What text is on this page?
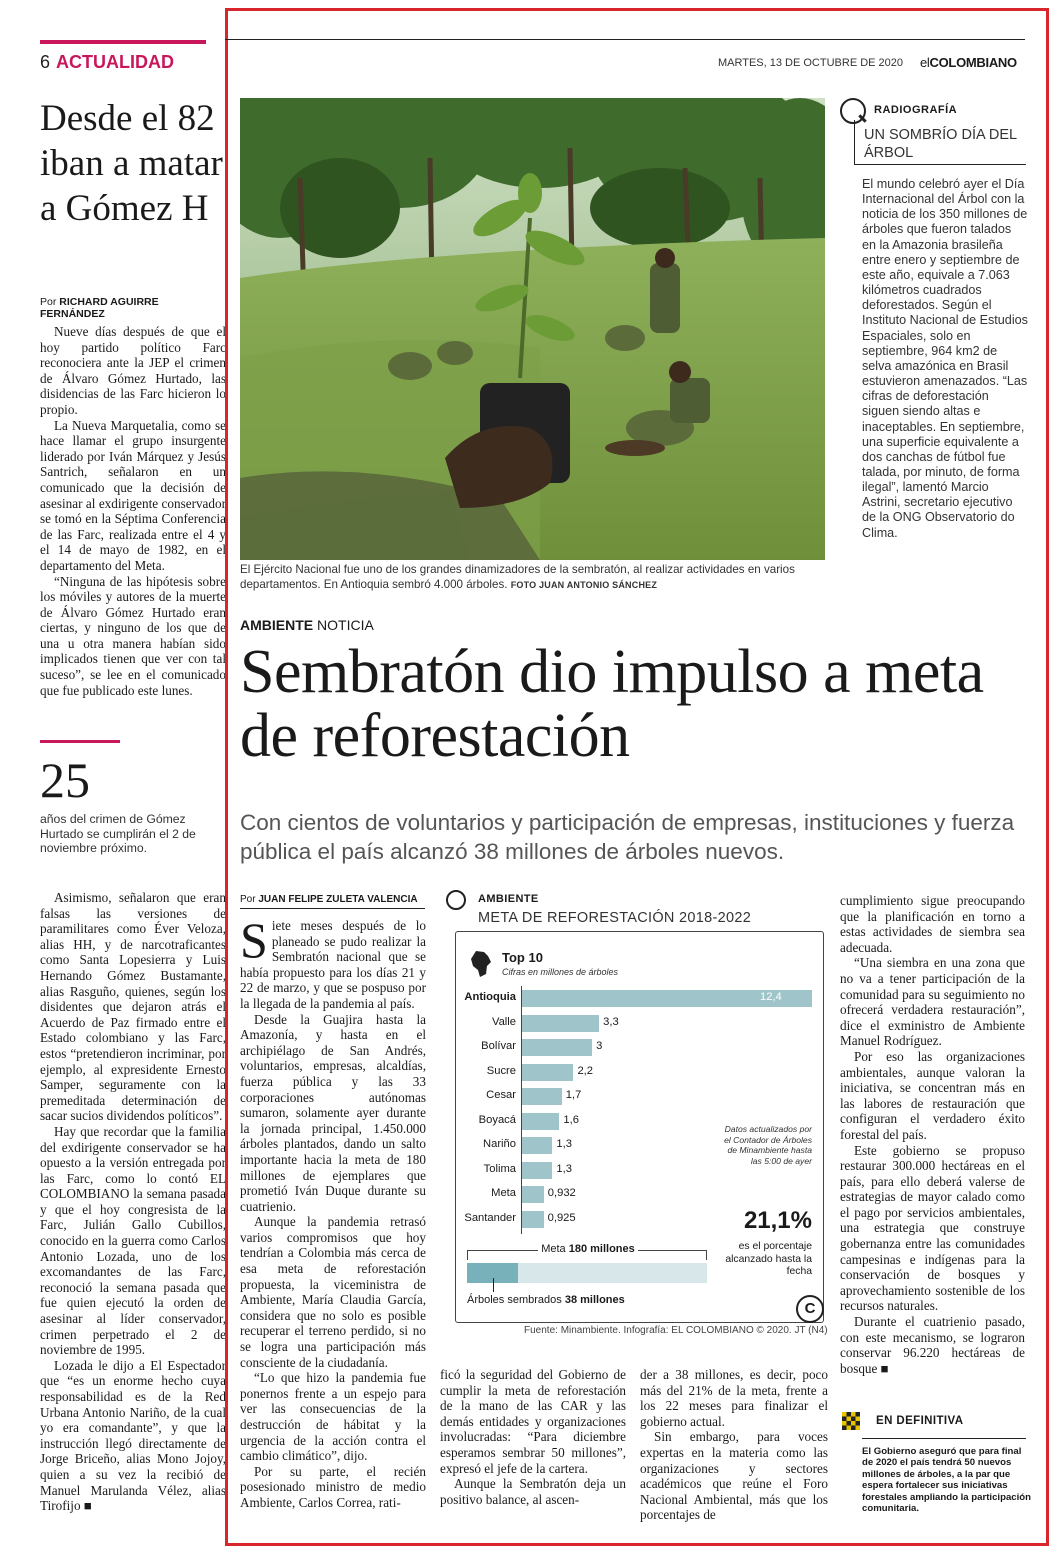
6 ACTUALIDAD
Desde el 82 iban a matar a Gómez H
Por RICHARD AGUIRRE FERNÁNDEZ

Nueve días después de que el hoy partido político Farc reconociera ante la JEP el crimen de Álvaro Gómez Hurtado, las disidencias de las Farc hicieron lo propio.

La Nueva Marquetalia, como se hace llamar el grupo insurgente liderado por Iván Márquez y Jesús Santrich, señalaron en un comunicado que la decisión de asesinar al exdirigente conservador se tomó en la Séptima Conferencia de las Farc, realizada entre el 4 y el 14 de mayo de 1982, en el departamento del Meta.

“Ninguna de las hipótesis sobre los móviles y autores de la muerte de Álvaro Gómez Hurtado eran ciertas, y ninguno de los que de una u otra manera habían sido implicados tienen que ver con tal suceso”, se lee en el comunicado que fue publicado este lunes.

25
años del crimen de Gómez Hurtado se cumplirán el 2 de noviembre próximo.

Asimismo, señalaron que eran falsas las versiones de paramilitares como Éver Veloza, alias HH, y de narcotraficantes como Santa Lopesierra y Luis Hernando Gómez Bustamante, alias Rasguño, quienes, según los disidentes que dejaron atrás el Acuerdo de Paz firmado entre el Estado colombiano y las Farc, estos “pretendieron incriminar, por ejemplo, al expresidente Ernesto Samper, seguramente con la premeditada determinación de sacar sucios dividendos políticos”.

Hay que recordar que la familia del exdirigente conservador se ha opuesto a la versión entregada por las Farc, como lo contó EL COLOMBIANO la semana pasada y que el hoy congresista de la Farc, Julián Gallo Cubillos, conocido en la guerra como Carlos Antonio Lozada, uno de los excomandantes de las Farc, reconoció la semana pasada que fue quien ejecutó la orden de asesinar al líder conservador, crimen perpetrado el 2 de noviembre de 1995.

Lozada le dijo a El Espectador que “es un enorme hecho cuya responsabilidad es de la Red Urbana Antonio Nariño, de la cual yo era comandante”, y que la instrucción llegó directamente de Jorge Briceño, alias Mono Jojoy, quien a su vez la recibió de Manuel Marulanda Vélez, alias Tirofijo ■

MARTES, 13 DE OCTUBRE DE 2020 elCOLOMBIANO
El Ejército Nacional fue uno de los grandes dinamizadores de la sembratón, al realizar actividades en varios departamentos. En Antioquia sembró 4.000 árboles. FOTO JUAN ANTONIO SÁNCHEZ
RADIOGRAFÍA
UN SOMBRÍO DÍA DEL ÁRBOL
El mundo celebró ayer el Día Internacional del Árbol con la noticia de los 350 millones de árboles que fueron talados en la Amazonia brasileña entre enero y septiembre de este año, equivale a 7.063 kilómetros cuadrados deforestados. Según el Instituto Nacional de Estudios Espaciales, solo en septiembre, 964 km2 de selva amazónica en Brasil estuvieron amenazados. “Las cifras de deforestación siguen siendo altas e inaceptables. En septiembre, una superficie equivalente a dos canchas de fútbol fue talada, por minuto, de forma ilegal”, lamentó Marcio Astrini, secretario ejecutivo de la ONG Observatorio do Clima.
AMBIENTE NOTICIA
Sembratón dio impulso a meta de reforestación
Con cientos de voluntarios y participación de empresas, instituciones y fuerza pública el país alcanzó 38 millones de árboles nuevos.
Por JUAN FELIPE ZULETA VALENCIA

Siete meses después de lo planeado se pudo realizar la Sembratón nacional que se había propuesto para los días 21 y 22 de marzo, y que se pospuso por la llegada de la pandemia al país.

Desde la Guajira hasta la Amazonía, y hasta en el archipiélago de San Andrés, voluntarios, empresas, alcaldías, fuerza pública y las 33 corporaciones autónomas sumaron, solamente ayer durante la jornada principal, 1.450.000 árboles plantados, dando un salto importante hacia la meta de 180 millones de ejemplares que prometió Iván Duque durante su cuatrienio.

Aunque la pandemia retrasó varios compromisos que hoy tendrían a Colombia más cerca de esa meta de reforestación propuesta, la viceministra de Ambiente, María Claudia García, considera que no solo es posible recuperar el terreno perdido, si no se logra una participación más consciente de la ciudadanía.

“Lo que hizo la pandemia fue ponernos frente a un espejo para ver las consecuencias de la destrucción de hábitat y la urgencia de la acción contra el cambio climático”, dijo.

Por su parte, el recién posesionado ministro de medio Ambiente, Carlos Correa, rati-

AMBIENTE
META DE REFORESTACIÓN 2018-2022
Top 10
Cifras en millones de árboles
Antioquia	12,4
Valle	3,3
Bolívar	3
Sucre	2,2
Cesar	1,7
Boyacá	1,6
Nariño	1,3
Tolima	1,3
Meta	0,932
Santander	0,925
Datos actualizados por el Contador de Árboles de Minambiente hasta las 5:00 de ayer
21,1%
es el porcentaje alcanzado hasta la fecha
Meta 180 millones
Árboles sembrados 38 millones	C
Fuente: Minambiente. Infografía: EL COLOMBIANO © 2020. JT (N4)

ficó la seguridad del Gobierno de cumplir la meta de reforestación de la mano de las CAR y las demás entidades y organizaciones involucradas: “Para diciembre esperamos sembrar 50 millones”, expresó el jefe de la cartera.

Aunque la Sembratón deja un positivo balance, al ascen-

der a 38 millones, es decir, poco más del 21% de la meta, frente a los 22 meses para finalizar el gobierno actual.

Sin embargo, para voces expertas en la materia como las organizaciones y sectores académicos que reúne el Foro Nacional Ambiental, más que los porcentajes de

cumplimiento sigue preocupando que la planificación en torno a estas actividades de siembra sea adecuada.

“Una siembra en una zona que no va a tener participación de la comunidad para su seguimiento no ofrecerá verdadera restauración”, dice el exministro de Ambiente Manuel Rodríguez.

Por eso las organizaciones ambientales, aunque valoran la iniciativa, se concentran más en las labores de restauración que configuran el verdadero éxito forestal del país.

Este gobierno se propuso restaurar 300.000 hectáreas en el país, para ello deberá valerse de estrategias de mayor calado como el pago por servicios ambientales, una estrategia que construye gobernanza entre las comunidades campesinas e indígenas para la conservación de bosques y aprovechamiento sostenible de los recursos naturales.

Durante el cuatrienio pasado, con este mecanismo, se lograron conservar 96.220 hectáreas de bosque ■

EN DEFINITIVA
El Gobierno aseguró que para final de 2020 el país tendrá 50 nuevos millones de árboles, a la par que espera fortalecer sus iniciativas forestales ampliando la participación comunitaria.
